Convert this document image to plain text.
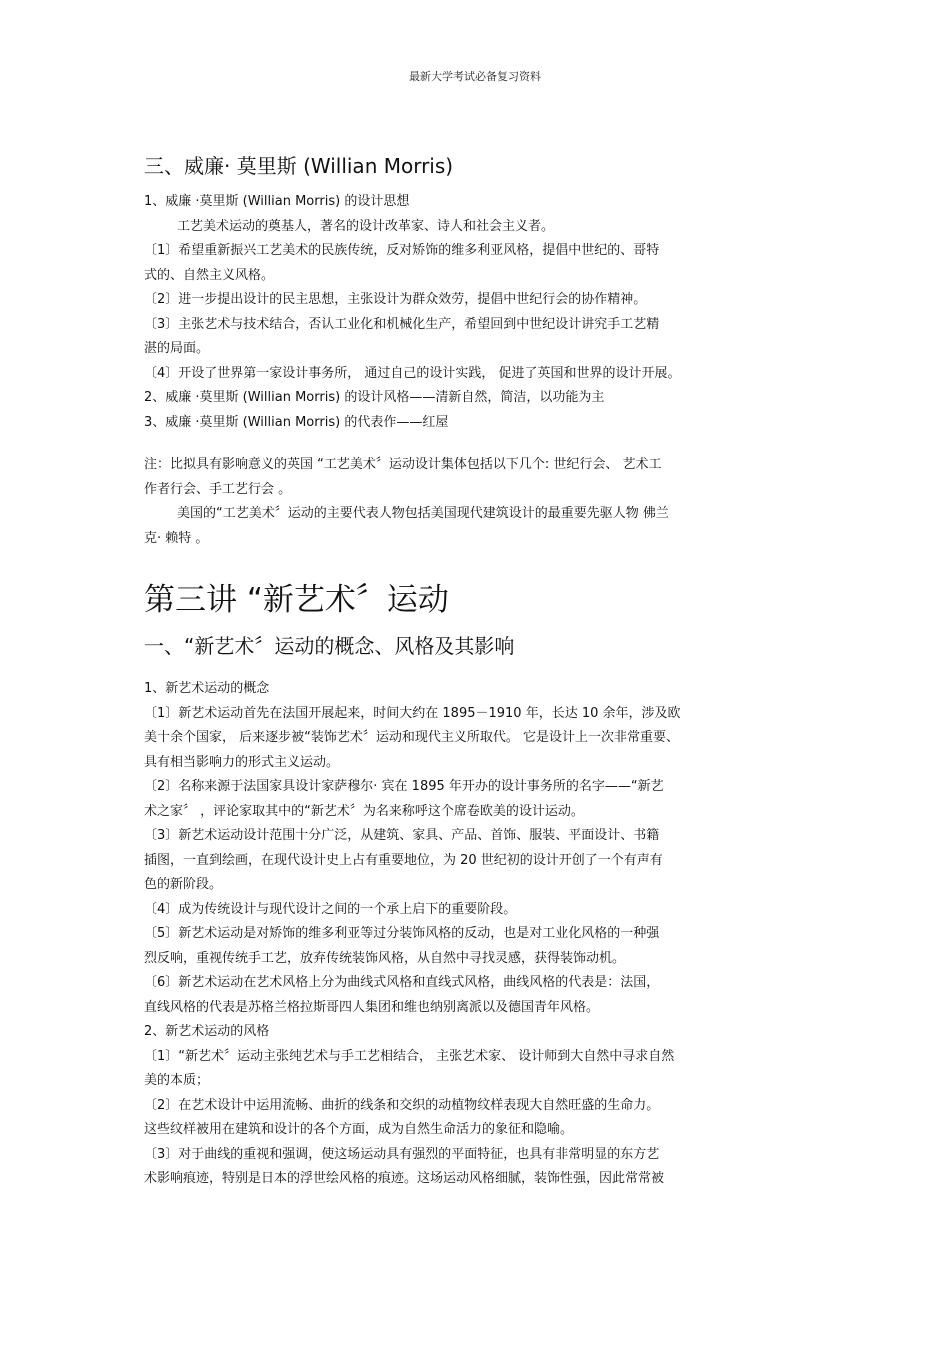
最新大学考试必备复习资料
三、威廉· 莫里斯 (Willian Morris)
1、威廉 ·莫里斯 (Willian Morris) 的设计思想
工艺美术运动的奠基人，著名的设计改革家、诗人和社会主义者。
〔1〕希望重新振兴工艺美术的民族传统，反对矫饰的维多利亚风格，提倡中世纪的、哥特
式的、自然主义风格。
〔2〕进一步提出设计的民主思想，主张设计为群众效劳，提倡中世纪行会的协作精神。
〔3〕主张艺术与技术结合，否认工业化和机械化生产，希望回到中世纪设计讲究手工艺精
湛的局面。
〔4〕开设了世界第一家设计事务所， 通过自己的设计实践， 促进了英国和世界的设计开展。
2、威廉 ·莫里斯 (Willian Morris) 的设计风格——清新自然，简洁，以功能为主
3、威廉 ·莫里斯 (Willian Morris) 的代表作——红屋
注：比拟具有影响意义的英国 “工艺美术〞运动设计集体包括以下几个: 世纪行会、 艺术工
作者行会、手工艺行会 。
美国的“工艺美术〞运动的主要代表人物包括美国现代建筑设计的最重要先驱人物 佛兰
克· 赖特 。
第三讲 “新艺术〞运动
一、“新艺术〞运动的概念、风格及其影响
1、新艺术运动的概念
〔1〕新艺术运动首先在法国开展起来，时间大约在 1895－1910 年，长达 10 余年，涉及欧
美十余个国家， 后来逐步被“装饰艺术〞运动和现代主义所取代。 它是设计上一次非常重要、
具有相当影响力的形式主义运动。
〔2〕名称来源于法国家具设计家萨穆尔· 宾在 1895 年开办的设计事务所的名字——“新艺
术之家〞 ，评论家取其中的“新艺术〞为名来称呼这个席卷欧美的设计运动。
〔3〕新艺术运动设计范围十分广泛，从建筑、家具、产品、首饰、服装、平面设计、书籍
插图，一直到绘画，在现代设计史上占有重要地位，为 20 世纪初的设计开创了一个有声有
色的新阶段。
〔4〕成为传统设计与现代设计之间的一个承上启下的重要阶段。
〔5〕新艺术运动是对矫饰的维多利亚等过分装饰风格的反动，也是对工业化风格的一种强
烈反响，重视传统手工艺，放弃传统装饰风格，从自然中寻找灵感，获得装饰动机。
〔6〕新艺术运动在艺术风格上分为曲线式风格和直线式风格，曲线风格的代表是：法国，
直线风格的代表是苏格兰格拉斯哥四人集团和维也纳别离派以及德国青年风格。
2、新艺术运动的风格
〔1〕“新艺术〞运动主张纯艺术与手工艺相结合， 主张艺术家、 设计师到大自然中寻求自然
美的本质；
〔2〕在艺术设计中运用流畅、曲折的线条和交织的动植物纹样表现大自然旺盛的生命力。
这些纹样被用在建筑和设计的各个方面，成为自然生命活力的象征和隐喻。
〔3〕对于曲线的重视和强调，使这场运动具有强烈的平面特征，也具有非常明显的东方艺
术影响痕迹，特别是日本的浮世绘风格的痕迹。这场运动风格细腻，装饰性强，因此常常被
